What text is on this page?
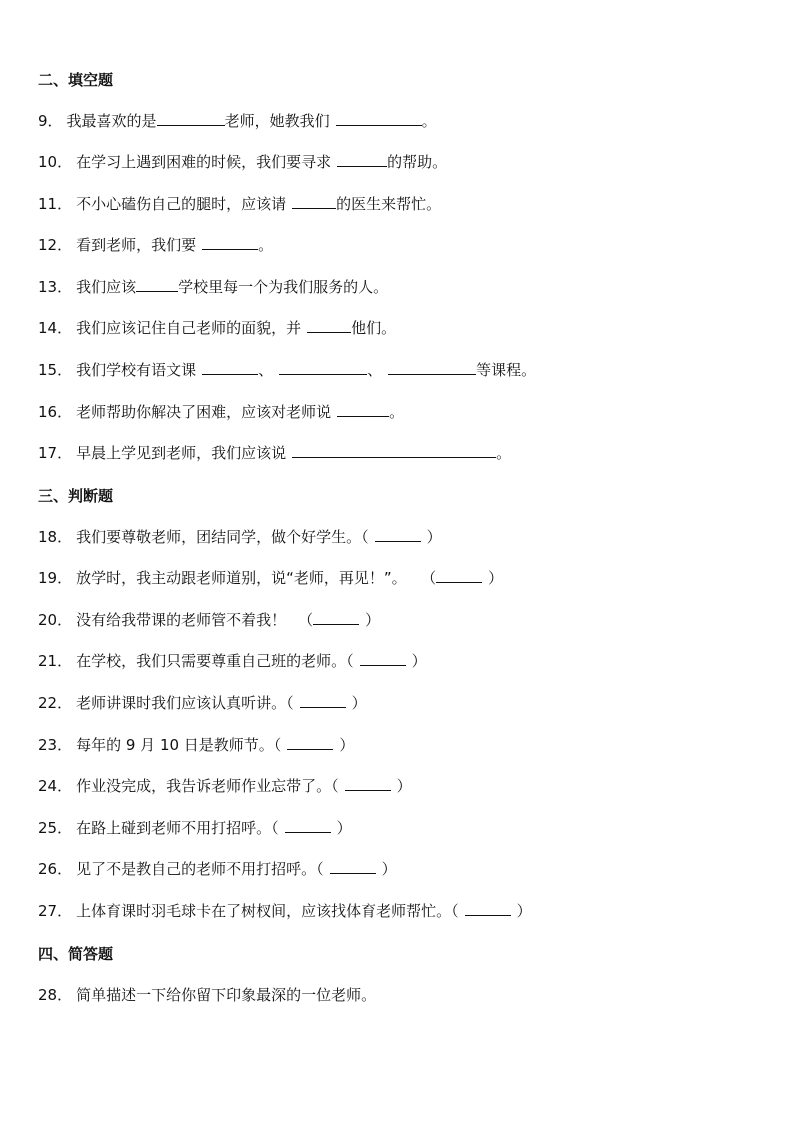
二、填空题
9． 我最喜欢的是	老师，她教我们	。
10． 在学习上遇到困难的时候，我们要寻求	的帮助。
11． 不小心磕伤自己的腿时，应该请	的医生来帮忙。
12． 看到老师，我们要	。
13． 我们应该	学校里每一个为我们服务的人。
14． 我们应该记住自己老师的面貌，并	他们。
15． 我们学校有语文课	、	、	等课程。
16． 老师帮助你解决了困难，应该对老师说	。
17． 早晨上学见到老师，我们应该说	。
三、判断题
18． 我们要尊敬老师，团结同学，做个好学生。（	）
19． 放学时，我主动跟老师道别，说“老师，再见！”。 （	）
20． 没有给我带课的老师管不着我！ （	）
21． 在学校，我们只需要尊重自己班的老师。（	）
22． 老师讲课时我们应该认真听讲。（	）
23． 每年的 9 月 10 日是教师节。（	）
24． 作业没完成，我告诉老师作业忘带了。（	）
25． 在路上碰到老师不用打招呼。（	）
26． 见了不是教自己的老师不用打招呼。（	）
27． 上体育课时羽毛球卡在了树杈间，应该找体育老师帮忙。（	）
四、简答题
28． 简单描述一下给你留下印象最深的一位老师。
